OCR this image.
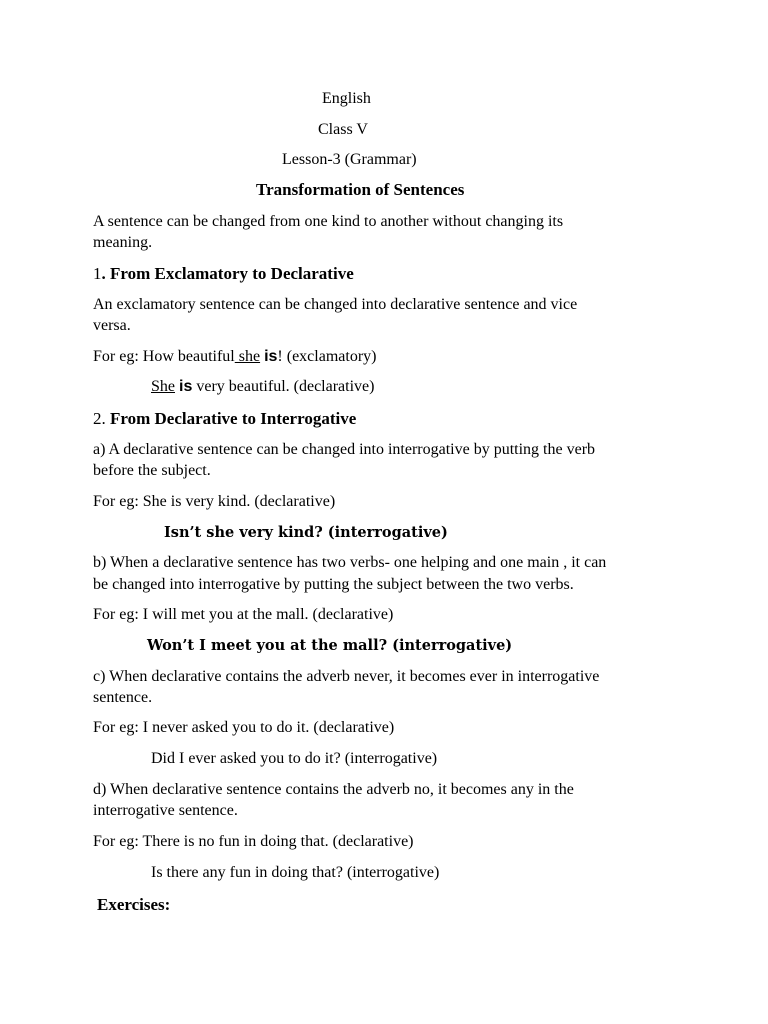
English

Class V

Lesson-3 (Grammar)

Transformation of Sentences

A sentence can be changed from one kind to another without changing its

meaning.

1. From Exclamatory to Declarative

An exclamatory sentence can be changed into declarative sentence and vice

versa.

For eg: How beautiful she is! (exclamatory)

She is very beautiful. (declarative)

2. From Declarative to Interrogative

a) A declarative sentence can be changed into interrogative by putting the verb

before the subject.

For eg: She is very kind. (declarative)

Isn’t she very kind? (interrogative)

b) When a declarative sentence has two verbs- one helping and one main , it can

be changed into interrogative by putting the subject between the two verbs.

For eg: I will met you at the mall. (declarative)

Won’t I meet you at the mall? (interrogative)

c) When declarative contains the adverb never, it becomes ever in interrogative

sentence.

For eg: I never asked you to do it. (declarative)

Did I ever asked you to do it? (interrogative)

d) When declarative sentence contains the adverb no, it becomes any in the

interrogative sentence.

For eg: There is no fun in doing that. (declarative)

Is there any fun in doing that? (interrogative)

Exercises:
